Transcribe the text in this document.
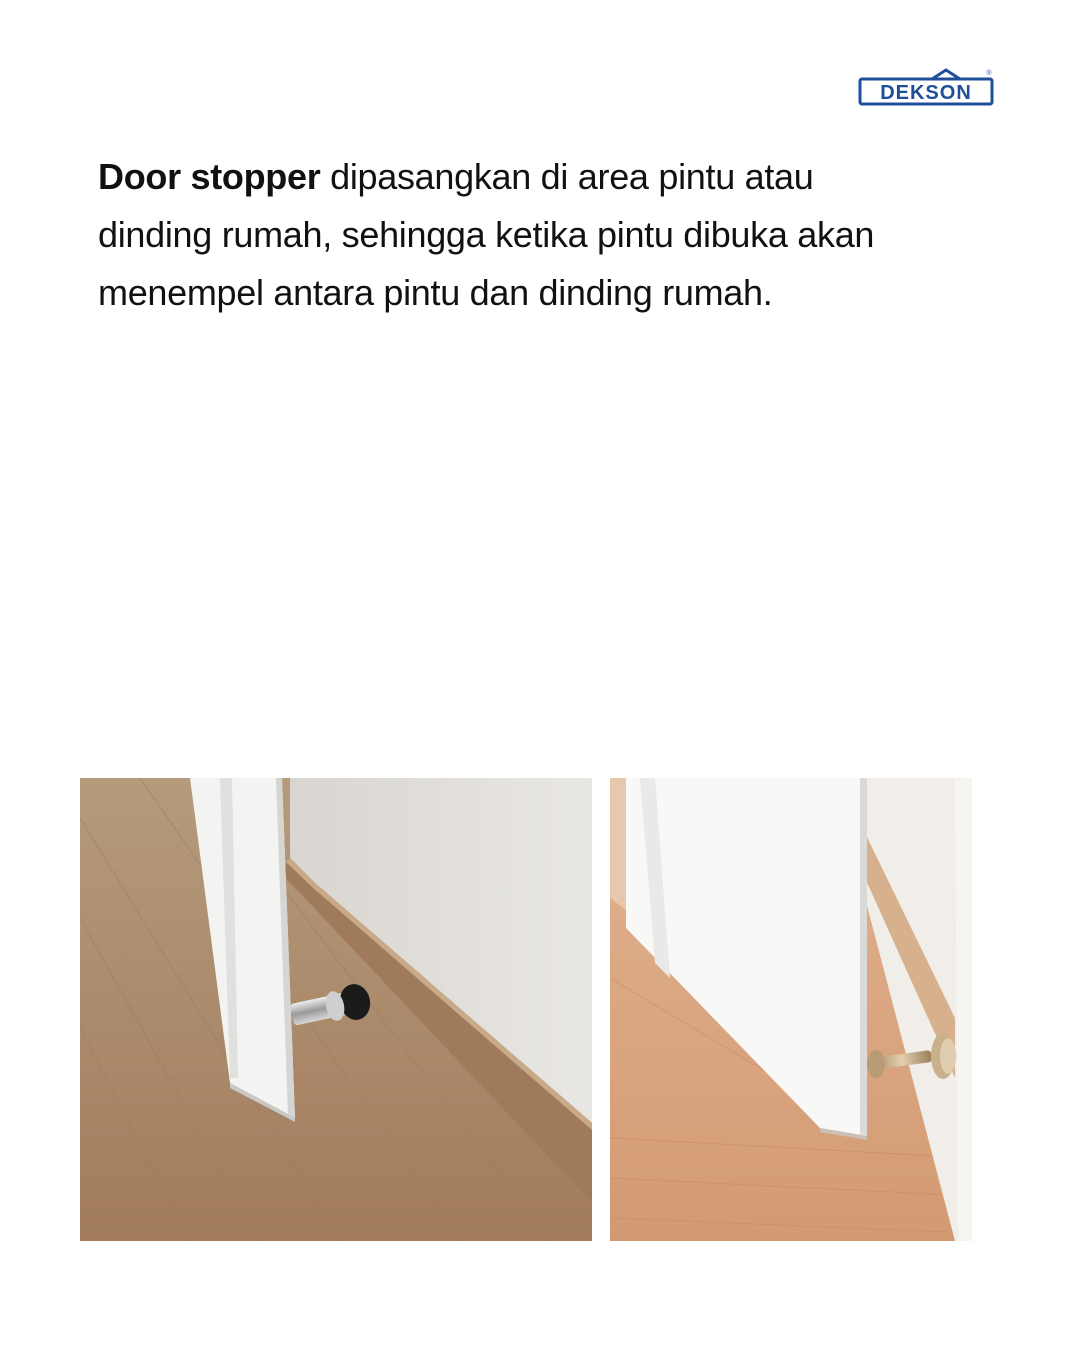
DEKSON
®
Door stopper dipasangkan di area pintu atau dinding rumah, sehingga ketika pintu dibuka akan menempel antara pintu dan dinding rumah.
